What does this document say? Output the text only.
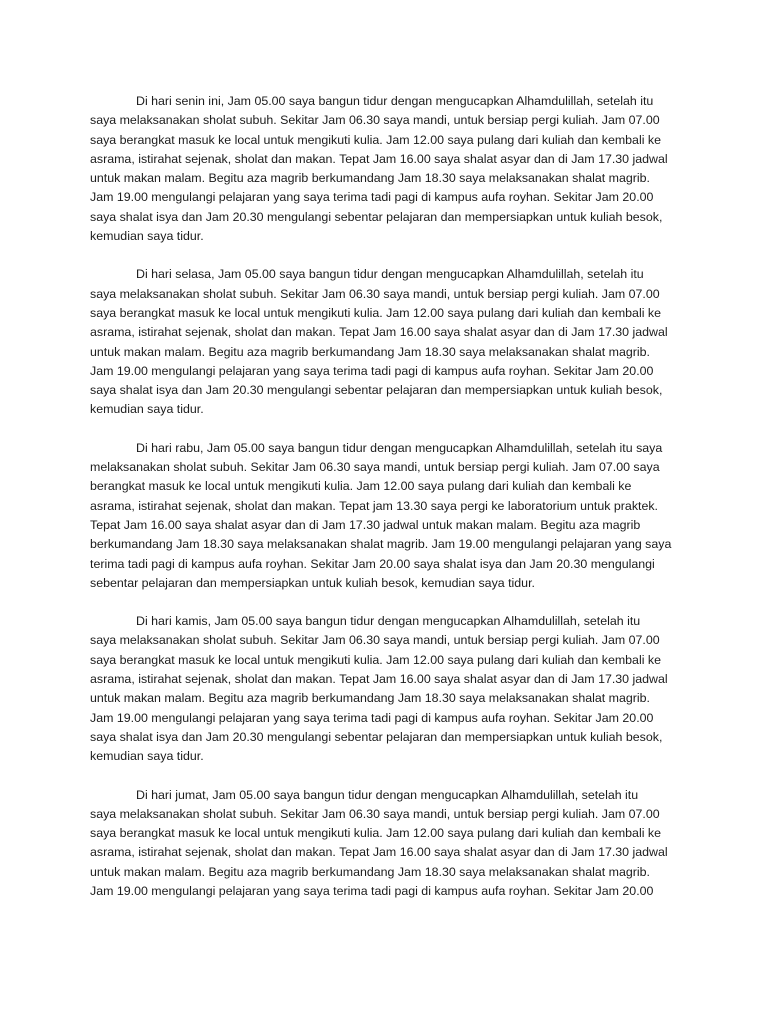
Di hari senin ini, Jam 05.00 saya bangun tidur dengan mengucapkan Alhamdulillah, setelah itu
saya melaksanakan sholat subuh. Sekitar Jam 06.30 saya mandi, untuk bersiap pergi kuliah. Jam 07.00
saya berangkat masuk ke local untuk mengikuti kulia. Jam 12.00 saya pulang dari kuliah dan kembali ke
asrama, istirahat sejenak, sholat dan makan. Tepat Jam 16.00 saya shalat asyar dan di Jam 17.30 jadwal
untuk makan malam. Begitu aza magrib berkumandang Jam 18.30 saya melaksanakan shalat magrib.
Jam 19.00 mengulangi pelajaran yang saya terima tadi pagi di kampus aufa royhan. Sekitar Jam 20.00
saya shalat isya dan Jam 20.30 mengulangi sebentar pelajaran dan mempersiapkan untuk kuliah besok,
kemudian saya tidur.

Di hari selasa, Jam 05.00 saya bangun tidur dengan mengucapkan Alhamdulillah, setelah itu
saya melaksanakan sholat subuh. Sekitar Jam 06.30 saya mandi, untuk bersiap pergi kuliah. Jam 07.00
saya berangkat masuk ke local untuk mengikuti kulia. Jam 12.00 saya pulang dari kuliah dan kembali ke
asrama, istirahat sejenak, sholat dan makan. Tepat Jam 16.00 saya shalat asyar dan di Jam 17.30 jadwal
untuk makan malam. Begitu aza magrib berkumandang Jam 18.30 saya melaksanakan shalat magrib.
Jam 19.00 mengulangi pelajaran yang saya terima tadi pagi di kampus aufa royhan. Sekitar Jam 20.00
saya shalat isya dan Jam 20.30 mengulangi sebentar pelajaran dan mempersiapkan untuk kuliah besok,
kemudian saya tidur.

Di hari rabu, Jam 05.00 saya bangun tidur dengan mengucapkan Alhamdulillah, setelah itu saya
melaksanakan sholat subuh. Sekitar Jam 06.30 saya mandi, untuk bersiap pergi kuliah. Jam 07.00 saya
berangkat masuk ke local untuk mengikuti kulia. Jam 12.00 saya pulang dari kuliah dan kembali ke
asrama, istirahat sejenak, sholat dan makan. Tepat jam 13.30 saya pergi ke laboratorium untuk praktek.
Tepat Jam 16.00 saya shalat asyar dan di Jam 17.30 jadwal untuk makan malam. Begitu aza magrib
berkumandang Jam 18.30 saya melaksanakan shalat magrib. Jam 19.00 mengulangi pelajaran yang saya
terima tadi pagi di kampus aufa royhan. Sekitar Jam 20.00 saya shalat isya dan Jam 20.30 mengulangi
sebentar pelajaran dan mempersiapkan untuk kuliah besok, kemudian saya tidur.

Di hari kamis, Jam 05.00 saya bangun tidur dengan mengucapkan Alhamdulillah, setelah itu
saya melaksanakan sholat subuh. Sekitar Jam 06.30 saya mandi, untuk bersiap pergi kuliah. Jam 07.00
saya berangkat masuk ke local untuk mengikuti kulia. Jam 12.00 saya pulang dari kuliah dan kembali ke
asrama, istirahat sejenak, sholat dan makan. Tepat Jam 16.00 saya shalat asyar dan di Jam 17.30 jadwal
untuk makan malam. Begitu aza magrib berkumandang Jam 18.30 saya melaksanakan shalat magrib.
Jam 19.00 mengulangi pelajaran yang saya terima tadi pagi di kampus aufa royhan. Sekitar Jam 20.00
saya shalat isya dan Jam 20.30 mengulangi sebentar pelajaran dan mempersiapkan untuk kuliah besok,
kemudian saya tidur.

Di hari jumat, Jam 05.00 saya bangun tidur dengan mengucapkan Alhamdulillah, setelah itu
saya melaksanakan sholat subuh. Sekitar Jam 06.30 saya mandi, untuk bersiap pergi kuliah. Jam 07.00
saya berangkat masuk ke local untuk mengikuti kulia. Jam 12.00 saya pulang dari kuliah dan kembali ke
asrama, istirahat sejenak, sholat dan makan. Tepat Jam 16.00 saya shalat asyar dan di Jam 17.30 jadwal
untuk makan malam. Begitu aza magrib berkumandang Jam 18.30 saya melaksanakan shalat magrib.
Jam 19.00 mengulangi pelajaran yang saya terima tadi pagi di kampus aufa royhan. Sekitar Jam 20.00
